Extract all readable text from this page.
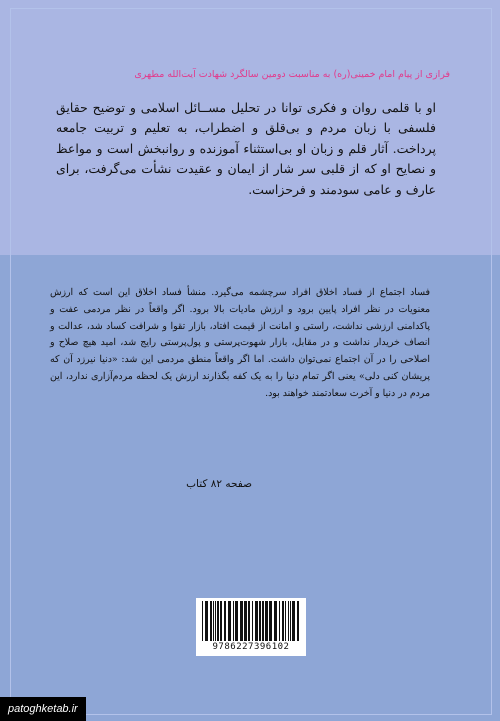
فرازی از پیام امام خمینی(ره) به مناسبت دومین سالگرد شهادت آیت‌الله مطهری
او با قلمی روان و فکری توانا در تحلیل مســائل اسلامی و توضیح حقایق فلسفی با زبان مردم و بی‌قلق و اضطراب، به تعلیم و تربیت جامعه پرداخت. آثار قلم و زبان او بی‌استثناء آموزنده و روانبخش است و مواعظ و نصایح او که از قلبی سر شار از ایمان و عقیدت نشأت می‌گرفت، برای عارف و عامی سودمند و فرحزاست.
فساد اجتماع از فساد اخلاق افراد سرچشمه می‌گیرد. منشأ فساد اخلاق این است که ارزش معنویات در نظر افراد پایین برود و ارزش مادیات بالا برود. اگر واقعاً در نظر مردمی عفت و پاکدامنی ارزشی نداشت، راستی و امانت از قیمت افتاد، بازار تقوا و شرافت کساد شد، عدالت و انصاف خریدار نداشت و در مقابل، بازار شهوت‌پرستی و پول‌پرستی رایج شد، امید هیچ صلاح و اصلاحی را در آن اجتماع نمی‌توان داشت. اما اگر واقعاً منطق مردمی این شد: «دنیا نیرزد آن که پریشان کنی دلی» یعنی اگر تمام دنیا را به یک کفه بگذارند ارزش یک لحظه مردم‌آزاری ندارد، این مردم در دنیا و آخرت سعادتمند خواهند بود.
صفحه ۸۲ کتاب
9786227396102
patoghketab.ir
